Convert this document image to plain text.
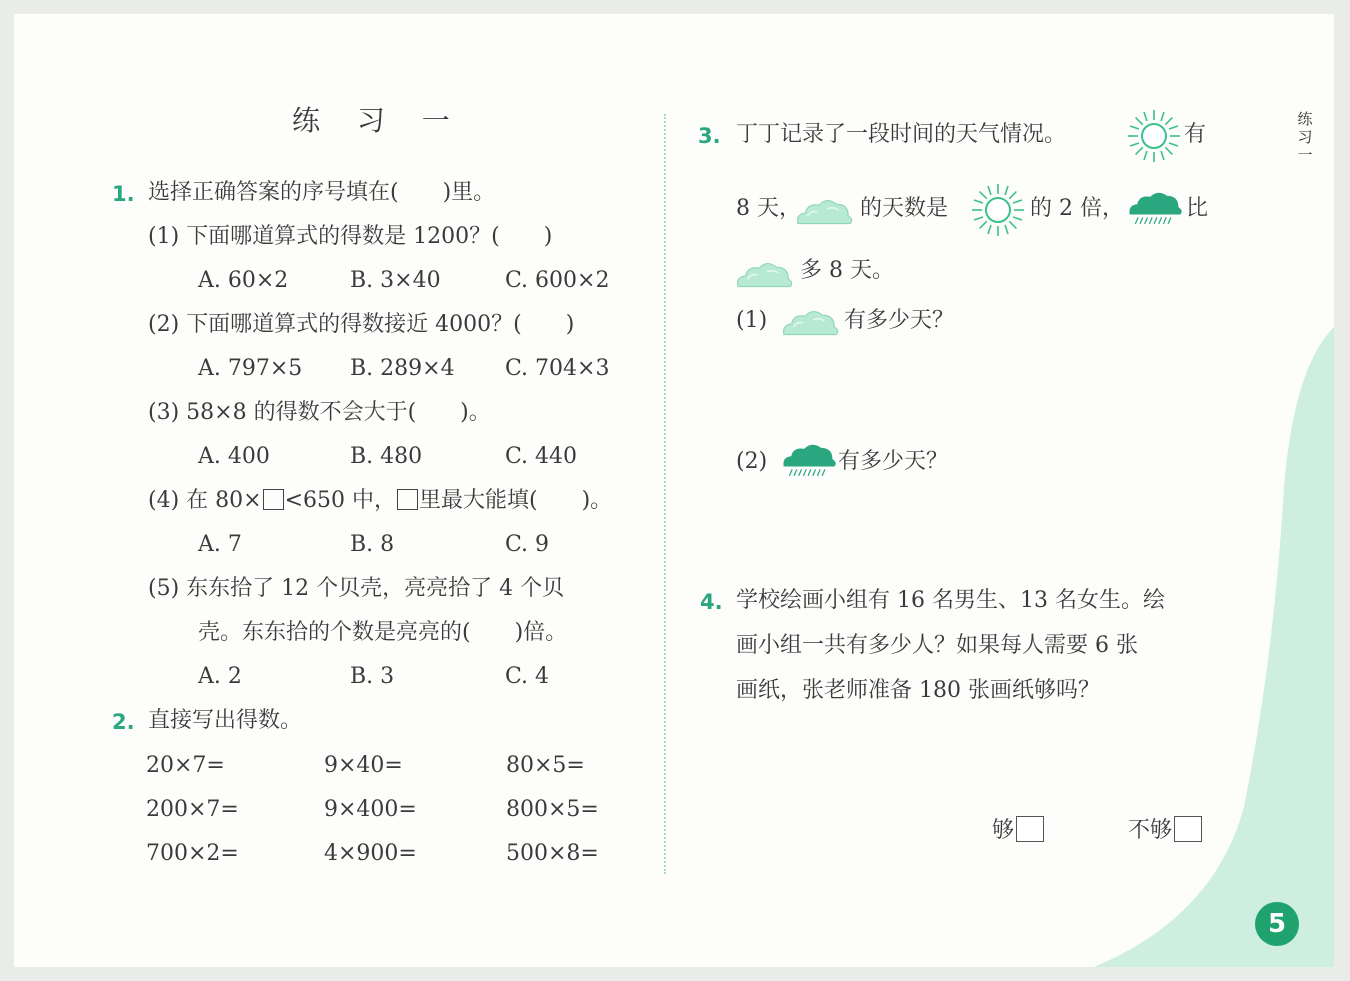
练 习 一	练
习
一
1. 选择正确答案的序号填在(　　)里。
(1) 下面哪道算式的得数是 1200？(　　)
A. 60×2	B. 3×40	C. 600×2
(2) 下面哪道算式的得数接近 4000？(　　)
A. 797×5 B. 289×4 C. 704×3
(3) 58×8 的得数不会大于(　　)。
A. 400	B. 480	C. 440
(4) 在 80× <650 中， 里最大能填(　　)。
A. 7	B. 8	C. 9
(5) 东东拾了 12 个贝壳，亮亮拾了 4 个贝
壳。东东拾的个数是亮亮的(　　)倍。
A. 2	B. 3	C. 4
2. 直接写出得数。
20×7=	9×40=	80×5=
200×7=	9×400=	800×5=
700×2=	4×900=	500×8=
3. 丁丁记录了一段时间的天气情况。	有
8 天，	的天数是	的 2 倍，	比
多 8 天。
(1)	有多少天？
(2)	有多少天？
4. 学校绘画小组有 16 名男生、13 名女生。绘
画小组一共有多少人？如果每人需要 6 张
画纸，张老师准备 180 张画纸够吗？
够	不够
5
